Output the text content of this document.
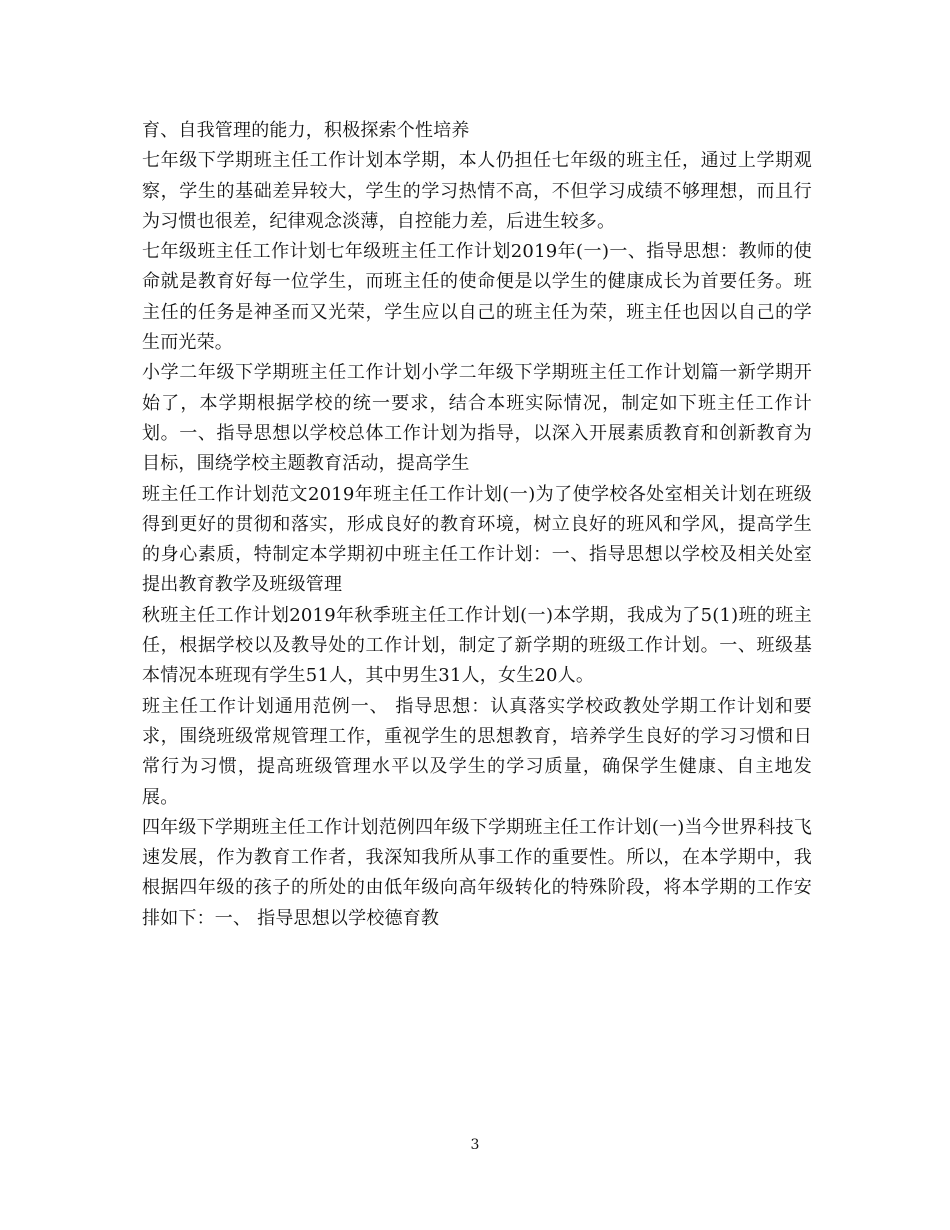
育、自我管理的能力，积极探索个性培养

七年级下学期班主任工作计划本学期，本人仍担任七年级的班主任，通过上学期观察，学生的基础差异较大，学生的学习热情不高，不但学习成绩不够理想，而且行为习惯也很差，纪律观念淡薄，自控能力差，后进生较多。

七年级班主任工作计划七年级班主任工作计划2019年(一)一、指导思想：教师的使命就是教育好每一位学生，而班主任的使命便是以学生的健康成长为首要任务。班主任的任务是神圣而又光荣，学生应以自己的班主任为荣，班主任也因以自己的学生而光荣。

小学二年级下学期班主任工作计划小学二年级下学期班主任工作计划篇一新学期开始了，本学期根据学校的统一要求，结合本班实际情况，制定如下班主任工作计划。一、指导思想以学校总体工作计划为指导，以深入开展素质教育和创新教育为目标，围绕学校主题教育活动，提高学生

班主任工作计划范文2019年班主任工作计划(一)为了使学校各处室相关计划在班级得到更好的贯彻和落实，形成良好的教育环境，树立良好的班风和学风，提高学生的身心素质，特制定本学期初中班主任工作计划：一、指导思想以学校及相关处室提出教育教学及班级管理

秋班主任工作计划2019年秋季班主任工作计划(一)本学期，我成为了5(1)班的班主任，根据学校以及教导处的工作计划，制定了新学期的班级工作计划。一、班级基本情况本班现有学生51人，其中男生31人，女生20人。

班主任工作计划通用范例一、 指导思想：认真落实学校政教处学期工作计划和要求，围绕班级常规管理工作，重视学生的思想教育，培养学生良好的学习习惯和日常行为习惯，提高班级管理水平以及学生的学习质量，确保学生健康、自主地发展。

四年级下学期班主任工作计划范例四年级下学期班主任工作计划(一)当今世界科技飞速发展，作为教育工作者，我深知我所从事工作的重要性。所以，在本学期中，我根据四年级的孩子的所处的由低年级向高年级转化的特殊阶段，将本学期的工作安排如下：一、 指导思想以学校德育教

3
